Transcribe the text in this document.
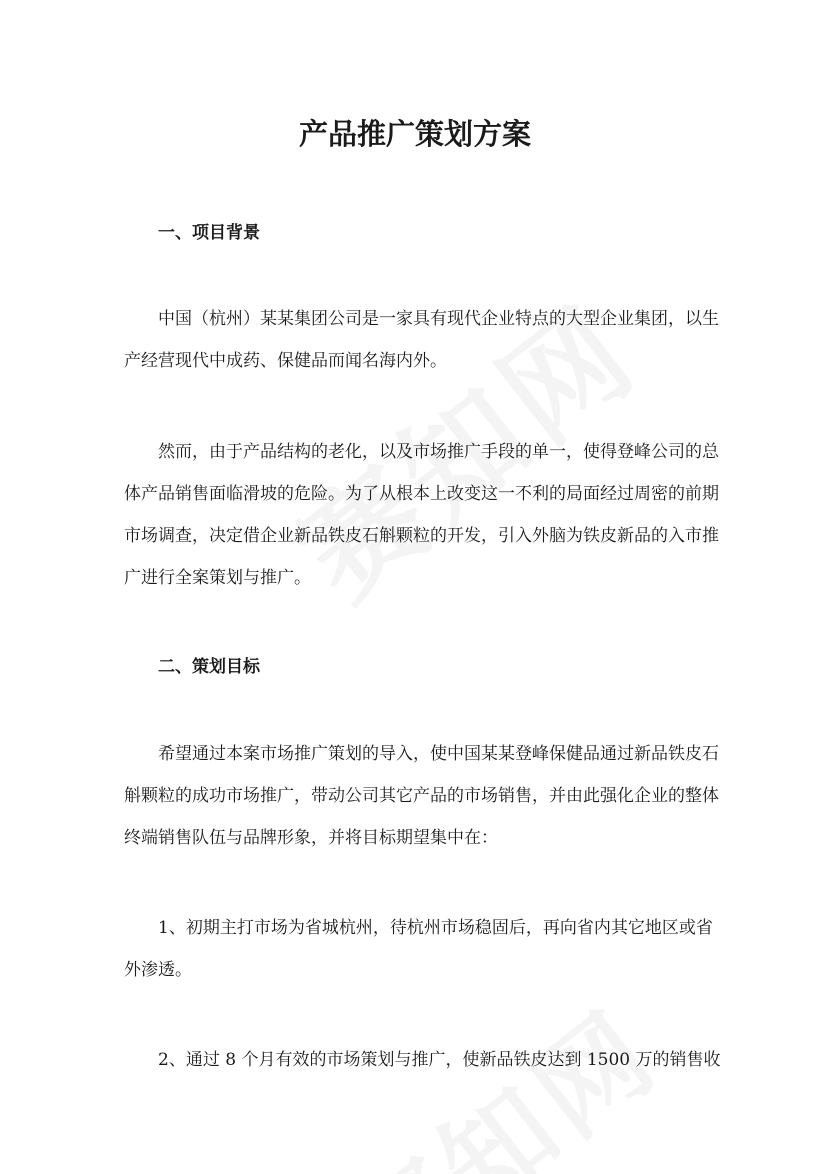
产品推广策划方案
一、项目背景

中国（杭州）某某集团公司是一家具有现代企业特点的大型企业集团，以生
产经营现代中成药、保健品而闻名海内外。

然而，由于产品结构的老化，以及市场推广手段的单一，使得登峰公司的总
体产品销售面临滑坡的危险。为了从根本上改变这一不利的局面经过周密的前期
市场调查，决定借企业新品铁皮石斛颗粒的开发，引入外脑为铁皮新品的入市推
广进行全案策划与推广。

二、策划目标

希望通过本案市场推广策划的导入，使中国某某登峰保健品通过新品铁皮石
斛颗粒的成功市场推广，带动公司其它产品的市场销售，并由此强化企业的整体
终端销售队伍与品牌形象，并将目标期望集中在：

1、初期主打市场为省城杭州，待杭州市场稳固后，再向省内其它地区或省
外渗透。

2、通过 8 个月有效的市场策划与推广，使新品铁皮达到 1500 万的销售收
